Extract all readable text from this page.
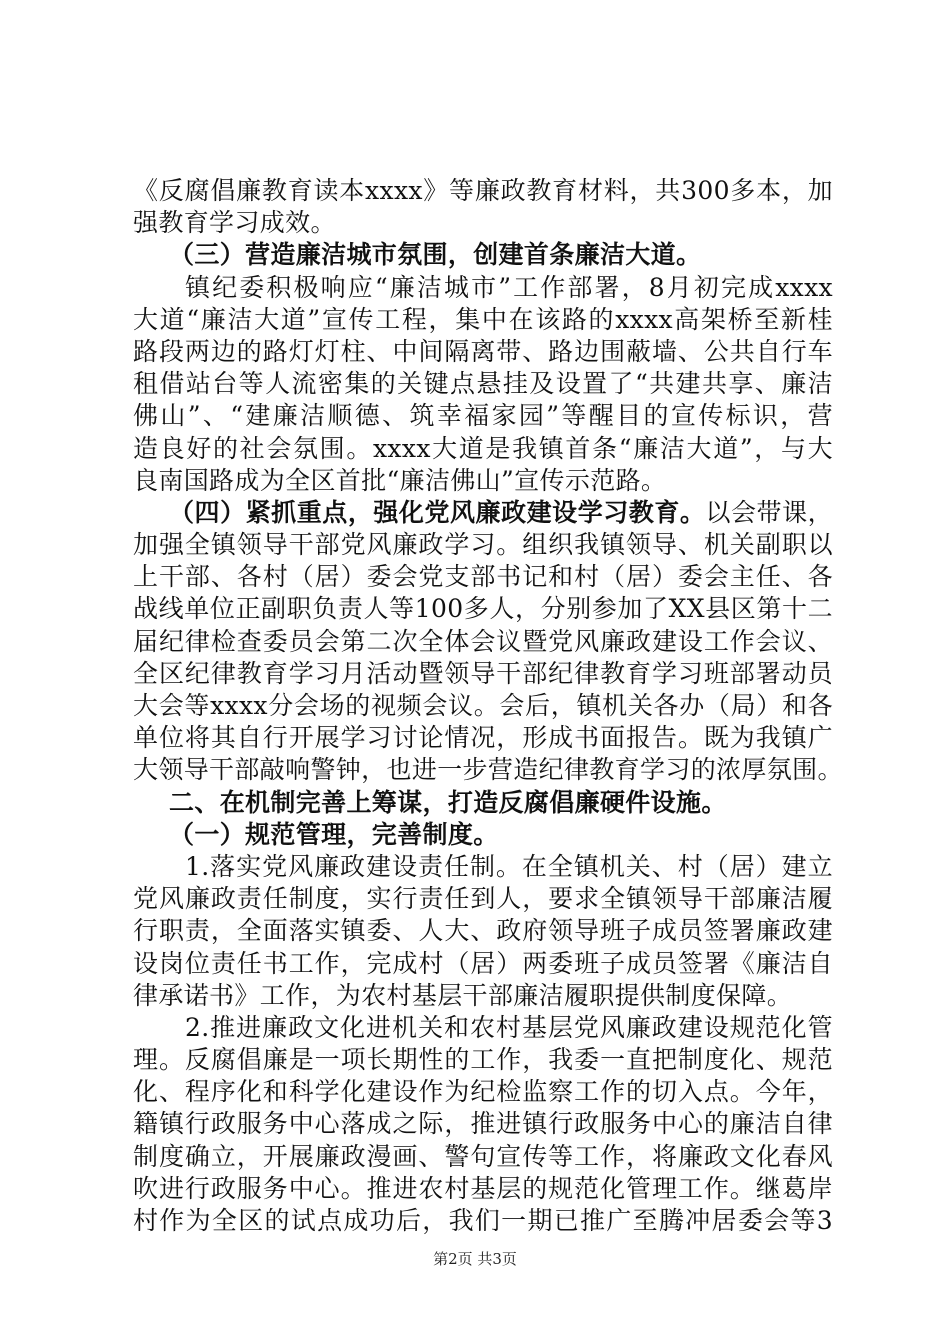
《反腐倡廉教育读本xxxx》等廉政教育材料，共300多本，加
强教育学习成效。
（三）营造廉洁城市氛围，创建首条廉洁大道。
镇纪委积极响应“廉洁城市”工作部署，8月初完成xxxx
大道“廉洁大道”宣传工程，集中在该路的xxxx高架桥至新桂
路段两边的路灯灯柱、中间隔离带、路边围蔽墙、公共自行车
租借站台等人流密集的关键点悬挂及设置了“共建共享、廉洁
佛山”、“建廉洁顺德、筑幸福家园”等醒目的宣传标识，营
造良好的社会氛围。xxxx大道是我镇首条“廉洁大道”，与大
良南国路成为全区首批“廉洁佛山”宣传示范路。
（四）紧抓重点，强化党风廉政建设学习教育。以会带课，
加强全镇领导干部党风廉政学习。组织我镇领导、机关副职以
上干部、各村（居）委会党支部书记和村（居）委会主任、各
战线单位正副职负责人等100多人，分别参加了XX县区第十二
届纪律检查委员会第二次全体会议暨党风廉政建设工作会议、
全区纪律教育学习月活动暨领导干部纪律教育学习班部署动员
大会等xxxx分会场的视频会议。会后，镇机关各办（局）和各
单位将其自行开展学习讨论情况，形成书面报告。既为我镇广
大领导干部敲响警钟，也进一步营造纪律教育学习的浓厚氛围。
二、在机制完善上筹谋，打造反腐倡廉硬件设施。
（一）规范管理，完善制度。
1.落实党风廉政建设责任制。在全镇机关、村（居）建立
党风廉政责任制度，实行责任到人，要求全镇领导干部廉洁履
行职责，全面落实镇委、人大、政府领导班子成员签署廉政建
设岗位责任书工作，完成村（居）两委班子成员签署《廉洁自
律承诺书》工作，为农村基层干部廉洁履职提供制度保障。
2.推进廉政文化进机关和农村基层党风廉政建设规范化管
理。反腐倡廉是一项长期性的工作，我委一直把制度化、规范
化、程序化和科学化建设作为纪检监察工作的切入点。今年，
籍镇行政服务中心落成之际，推进镇行政服务中心的廉洁自律
制度确立，开展廉政漫画、警句宣传等工作，将廉政文化春风
吹进行政服务中心。推进农村基层的规范化管理工作。继葛岸
村作为全区的试点成功后，我们一期已推广至腾冲居委会等3
第2页 共3页
